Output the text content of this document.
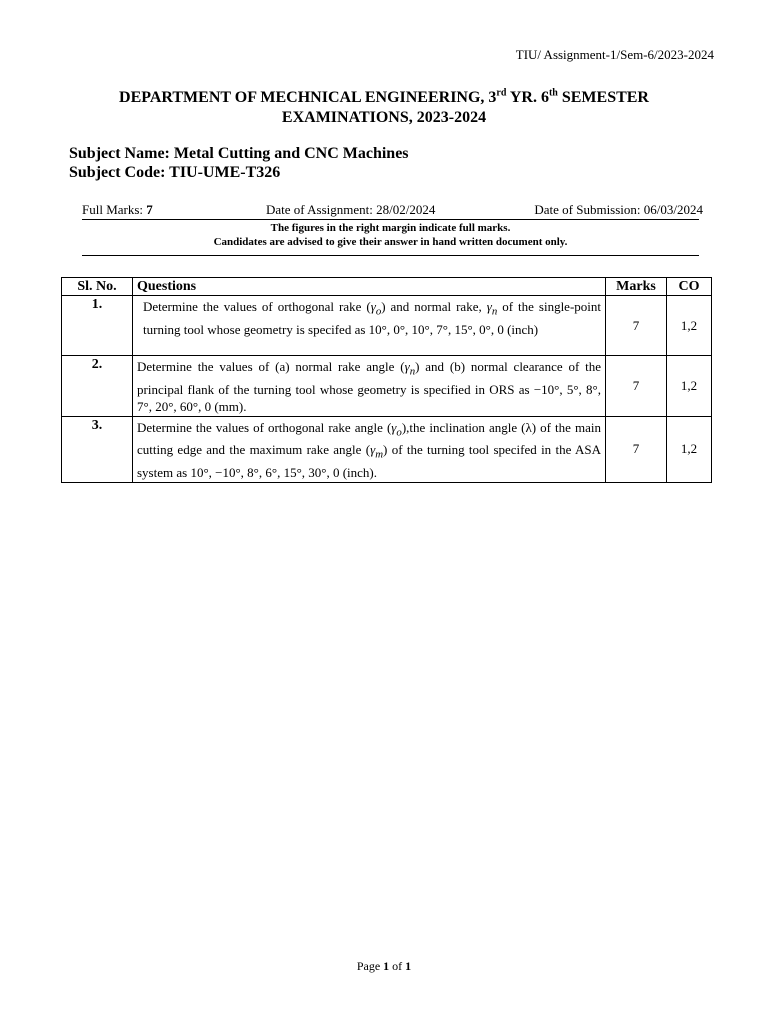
TIU/ Assignment-1/Sem-6/2023-2024
DEPARTMENT OF MECHNICAL ENGINEERING, 3rd YR. 6th SEMESTER
EXAMINATIONS, 2023-2024
Subject Name: Metal Cutting and CNC Machines
Subject Code: TIU-UME-T326
Full Marks: 7	Date of Assignment: 28/02/2024	Date of Submission: 06/03/2024
The figures in the right margin indicate full marks.
Candidates are advised to give their answer in hand written document only.
Sl. No.	Questions	Marks	CO
1.	Determine the values of orthogonal rake $(\gamma_o)$ and normal rake, $\gamma_n$ of the single-point turning tool whose geometry is specifed as 10°, 0°, 10°, 7°, 15°, 0°, 0 (inch)	7	1,2
2.	Determine the values of (a) normal rake angle $(\gamma_n)$ and (b) normal clearance of the principal flank of the turning tool whose geometry is specified in ORS as −10°, 5°, 8°, 7°, 20°, 60°, 0 (mm).	7	1,2
3.	Determine the values of orthogonal rake angle $(\gamma_o),the$ inclination angle (λ) of the main cutting edge and the maximum rake angle $(\gamma_m)$ of the turning tool specifed in the ASA system as 10°, −10°, 8°, 6°, 15°, 30°, 0 (inch).	7	1,2
Page 1 of 1
